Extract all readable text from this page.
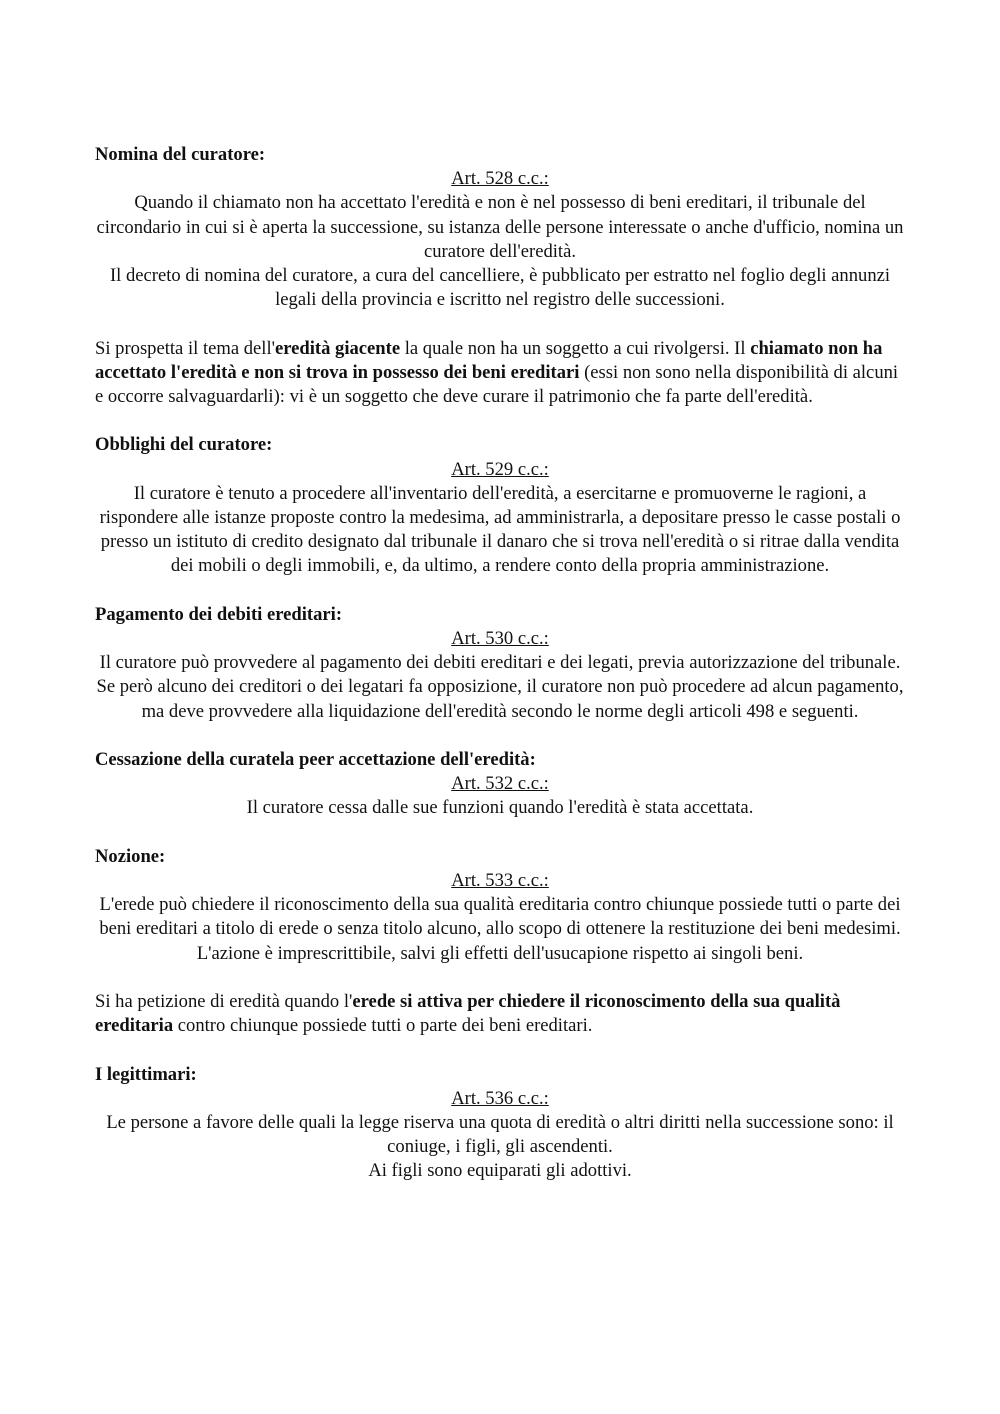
Nomina del curatore:
Art. 528 c.c.:
Quando il chiamato non ha accettato l'eredità e non è nel possesso di beni ereditari, il tribunale del circondario in cui si è aperta la successione, su istanza delle persone interessate o anche d'ufficio, nomina un curatore dell'eredità.
Il decreto di nomina del curatore, a cura del cancelliere, è pubblicato per estratto nel foglio degli annunzi legali della provincia e iscritto nel registro delle successioni.

Si prospetta il tema dell'eredità giacente la quale non ha un soggetto a cui rivolgersi. Il chiamato non ha accettato l'eredità e non si trova in possesso dei beni ereditari (essi non sono nella disponibilità di alcuni e occorre salvaguardarli): vi è un soggetto che deve curare il patrimonio che fa parte dell'eredità.

Obblighi del curatore:
Art. 529 c.c.:
Il curatore è tenuto a procedere all'inventario dell'eredità, a esercitarne e promuoverne le ragioni, a rispondere alle istanze proposte contro la medesima, ad amministrarla, a depositare presso le casse postali o presso un istituto di credito designato dal tribunale il danaro che si trova nell'eredità o si ritrae dalla vendita dei mobili o degli immobili, e, da ultimo, a rendere conto della propria amministrazione.
Pagamento dei debiti ereditari:
Art. 530 c.c.:
Il curatore può provvedere al pagamento dei debiti ereditari e dei legati, previa autorizzazione del tribunale.
Se però alcuno dei creditori o dei legatari fa opposizione, il curatore non può procedere ad alcun pagamento, ma deve provvedere alla liquidazione dell'eredità secondo le norme degli articoli 498 e seguenti.
Cessazione della curatela peer accettazione dell'eredità:
Art. 532 c.c.:
Il curatore cessa dalle sue funzioni quando l'eredità è stata accettata.
Nozione:
Art. 533 c.c.:
L'erede può chiedere il riconoscimento della sua qualità ereditaria contro chiunque possiede tutti o parte dei beni ereditari a titolo di erede o senza titolo alcuno, allo scopo di ottenere la restituzione dei beni medesimi.
L'azione è imprescrittibile, salvi gli effetti dell'usucapione rispetto ai singoli beni.

Si ha petizione di eredità quando l'erede si attiva per chiedere il riconoscimento della sua qualità ereditaria contro chiunque possiede tutti o parte dei beni ereditari.

I legittimari:
Art. 536 c.c.:
Le persone a favore delle quali la legge riserva una quota di eredità o altri diritti nella successione sono: il coniuge, i figli, gli ascendenti.
Ai figli sono equiparati gli adottivi.
